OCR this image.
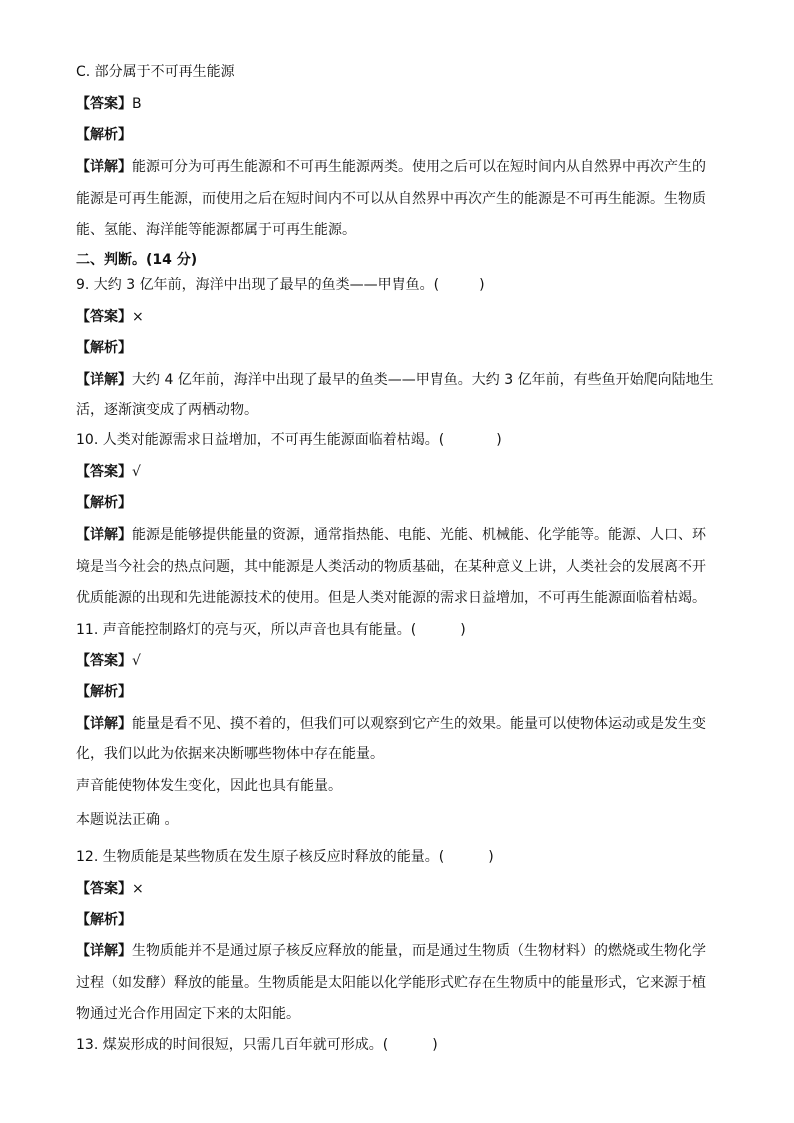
C. 部分属于不可再生能源
【答案】B
【解析】
【详解】能源可分为可再生能源和不可再生能源两类。使用之后可以在短时间内从自然界中再次产生的
能源是可再生能源，而使用之后在短时间内不可以从自然界中再次产生的能源是不可再生能源。生物质
能、氢能、海洋能等能源都属于可再生能源。
二、判断。(14 分)
9. 大约 3 亿年前，海洋中出现了最早的鱼类——甲胄鱼。(	)
【答案】×
【解析】
【详解】大约 4 亿年前，海洋中出现了最早的鱼类——甲胄鱼。大约 3 亿年前，有些鱼开始爬向陆地生
活，逐渐演变成了两栖动物。
10. 人类对能源需求日益增加，不可再生能源面临着枯竭。(	)
【答案】√
【解析】
【详解】能源是能够提供能量的资源，通常指热能、电能、光能、机械能、化学能等。能源、人口、环
境是当今社会的热点问题，其中能源是人类活动的物质基础，在某种意义上讲，人类社会的发展离不开
优质能源的出现和先进能源技术的使用。但是人类对能源的需求日益增加，不可再生能源面临着枯竭。
11. 声音能控制路灯的亮与灭，所以声音也具有能量。(	)
【答案】√
【解析】
【详解】能量是看不见、摸不着的，但我们可以观察到它产生的效果。能量可以使物体运动或是发生变
化，我们以此为依据来决断哪些物体中存在能量。
声音能使物体发生变化，因此也具有能量。
本题说法正确 。
12. 生物质能是某些物质在发生原子核反应时释放的能量。(	)
【答案】×
【解析】
【详解】生物质能并不是通过原子核反应释放的能量，而是通过生物质（生物材料）的燃烧或生物化学
过程（如发酵）释放的能量。生物质能是太阳能以化学能形式贮存在生物质中的能量形式，它来源于植
物通过光合作用固定下来的太阳能。
13. 煤炭形成的时间很短，只需几百年就可形成。(	)
